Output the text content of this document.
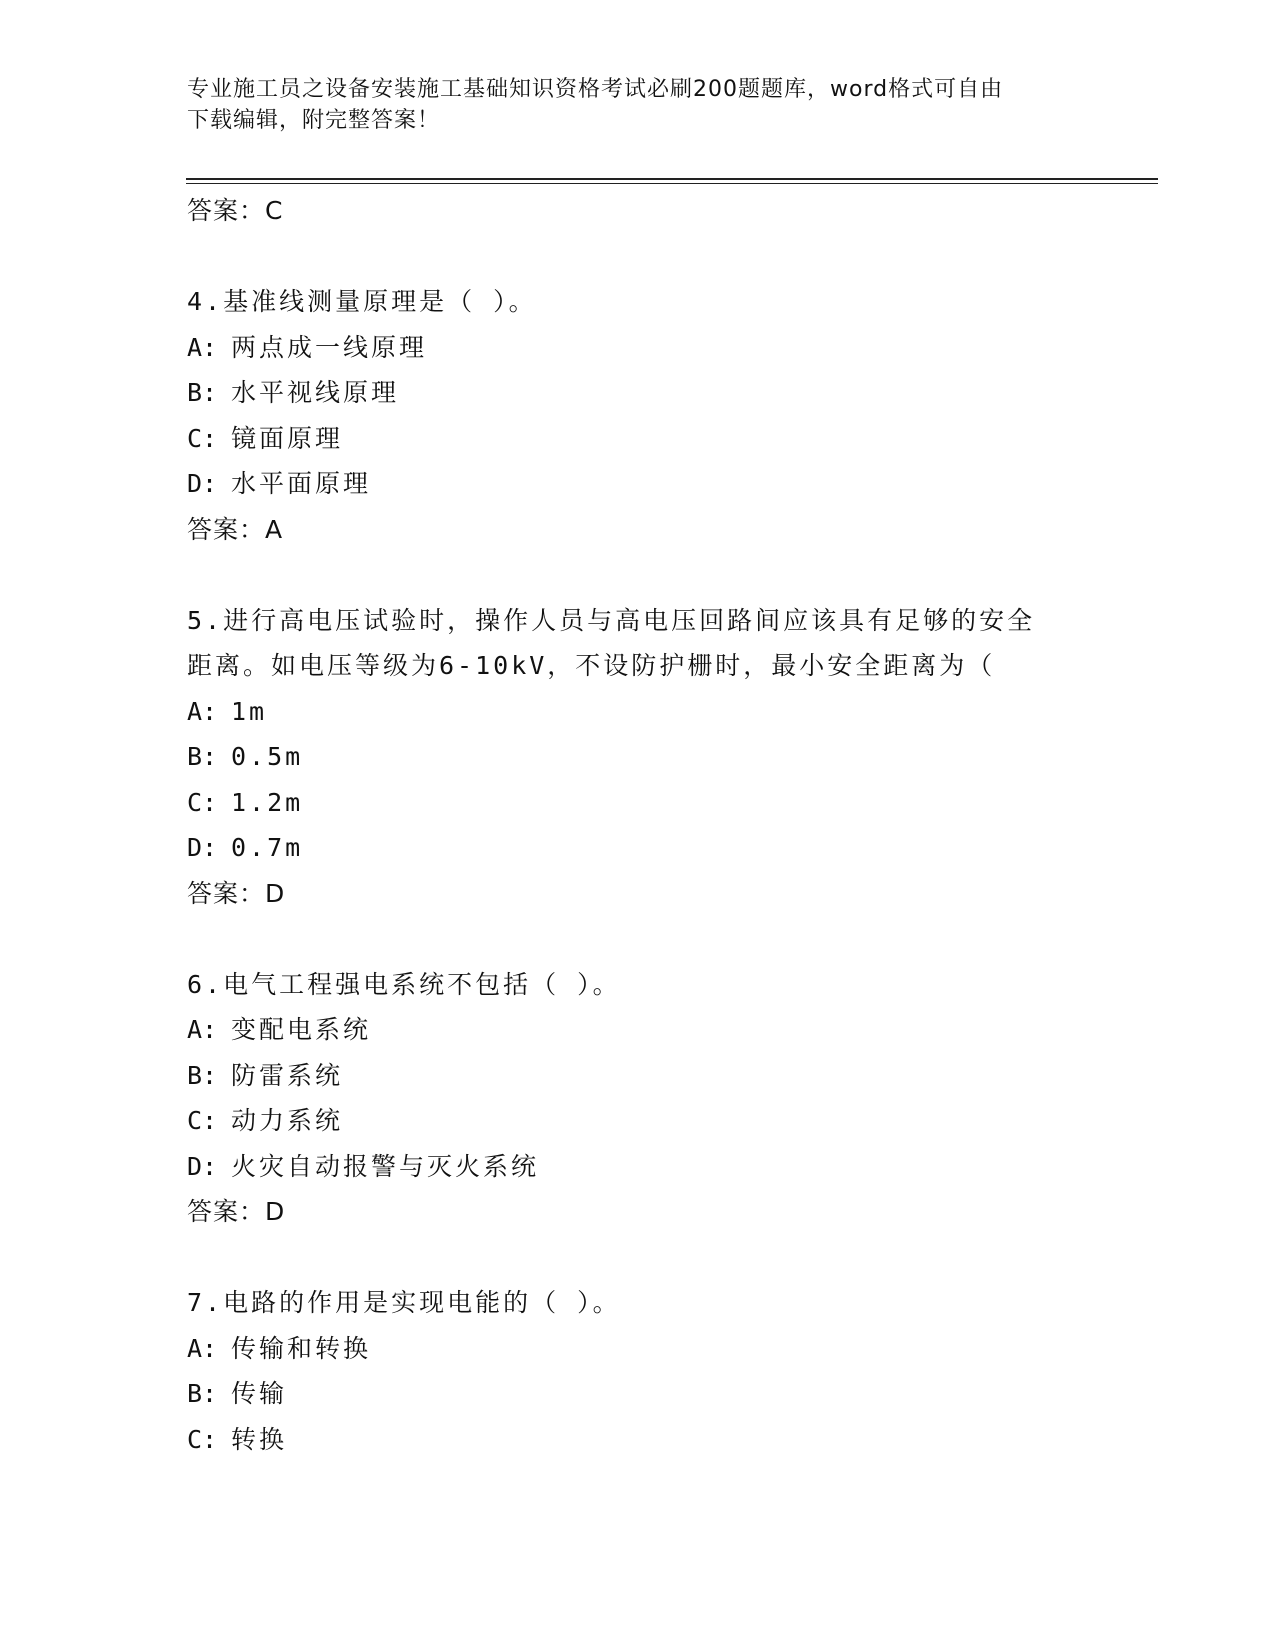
专业施工员之设备安装施工基础知识资格考试必刷200题题库，word格式可自由
下载编辑，附完整答案！
答案：C
4.基准线测量原理是（ ）。
A: 两点成一线原理
B: 水平视线原理
C: 镜面原理
D: 水平面原理
答案：A
5.进行高电压试验时，操作人员与高电压回路间应该具有足够的安全
距离。如电压等级为6-10kV，不设防护栅时，最小安全距离为（
A: 1m
B: 0.5m
C: 1.2m
D: 0.7m
答案：D
6.电气工程强电系统不包括（ ）。
A: 变配电系统
B: 防雷系统
C: 动力系统
D: 火灾自动报警与灭火系统
答案：D
7.电路的作用是实现电能的（ ）。
A: 传输和转换
B: 传输
C: 转换
